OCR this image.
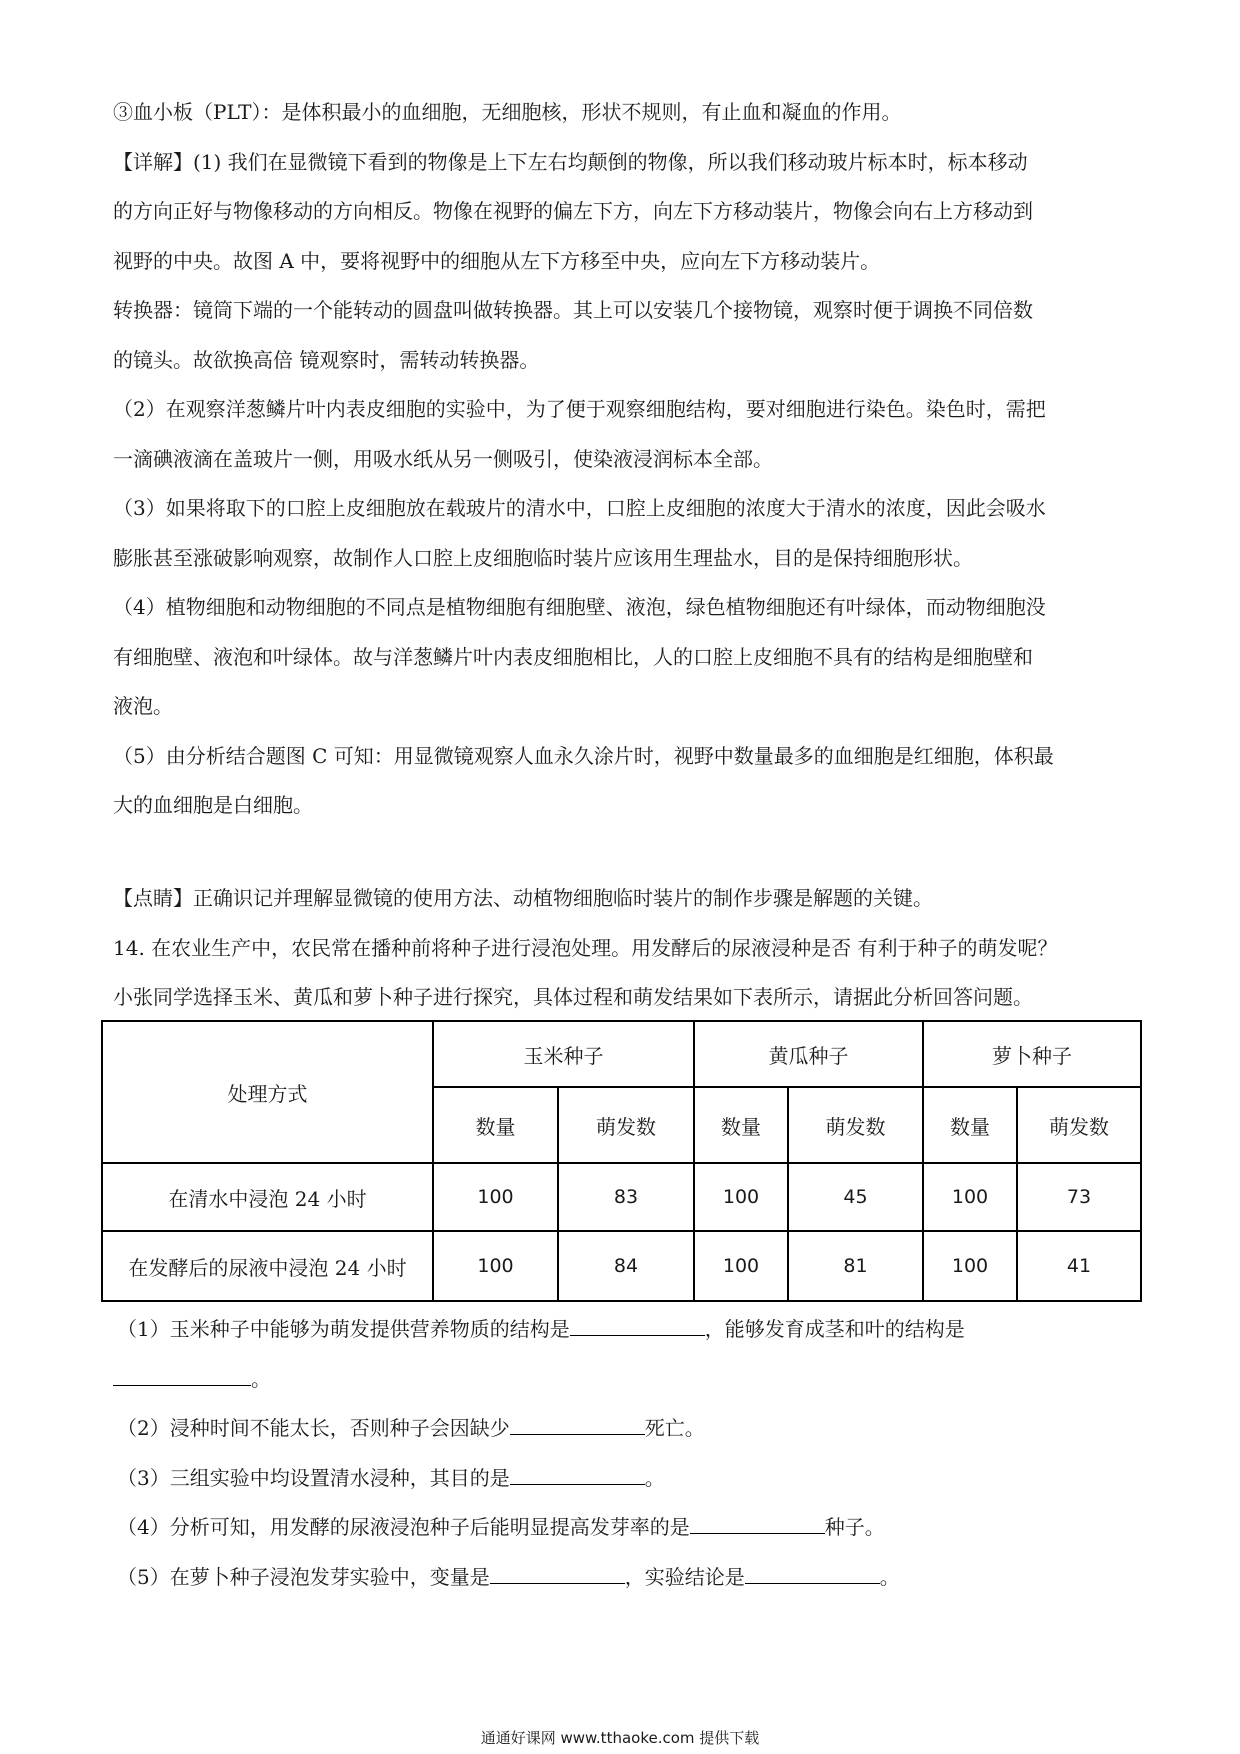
③血小板（PLT）：是体积最小的血细胞，无细胞核，形状不规则，有止血和凝血的作用。
【详解】(1) 我们在显微镜下看到的物像是上下左右均颠倒的物像，所以我们移动玻片标本时，标本移动
的方向正好与物像移动的方向相反。物像在视野的偏左下方，向左下方移动装片，物像会向右上方移动到
视野的中央。故图 A 中，要将视野中的细胞从左下方移至中央，应向左下方移动装片。
转换器：镜筒下端的一个能转动的圆盘叫做转换器。其上可以安装几个接物镜，观察时便于调换不同倍数
的镜头。故欲换高倍 镜观察时，需转动转换器。
（2）在观察洋葱鳞片叶内表皮细胞的实验中，为了便于观察细胞结构，要对细胞进行染色。染色时，需把
一滴碘液滴在盖玻片一侧，用吸水纸从另一侧吸引，使染液浸润标本全部。
（3）如果将取下的口腔上皮细胞放在载玻片的清水中，口腔上皮细胞的浓度大于清水的浓度，因此会吸水
膨胀甚至涨破影响观察，故制作人口腔上皮细胞临时装片应该用生理盐水，目的是保持细胞形状。
（4）植物细胞和动物细胞的不同点是植物细胞有细胞壁、液泡，绿色植物细胞还有叶绿体，而动物细胞没
有细胞壁、液泡和叶绿体。故与洋葱鳞片叶内表皮细胞相比，人的口腔上皮细胞不具有的结构是细胞壁和
液泡。
（5）由分析结合题图 C 可知：用显微镜观察人血永久涂片时，视野中数量最多的血细胞是红细胞，体积最
大的血细胞是白细胞。
【点睛】正确识记并理解显微镜的使用方法、动植物细胞临时装片的制作步骤是解题的关键。
14. 在农业生产中，农民常在播种前将种子进行浸泡处理。用发酵后的尿液浸种是否 有利于种子的萌发呢？
小张同学选择玉米、黄瓜和萝卜种子进行探究，具体过程和萌发结果如下表所示，请据此分析回答问题。
处理方式	玉米种子		黄瓜种子		萝卜种子	
	数量	萌发数	数量	萌发数	数量	萌发数
在清水中浸泡 24 小时	100	83	100	45	100	73
在发酵后的尿液中浸泡 24 小时	100	84	100	81	100	41
（1）玉米种子中能够为萌发提供营养物质的结构是	，能够发育成茎和叶的结构是
。
（2）浸种时间不能太长，否则种子会因缺少	死亡。
（3）三组实验中均设置清水浸种，其目的是	。
（4）分析可知，用发酵的尿液浸泡种子后能明显提高发芽率的是	种子。
（5）在萝卜种子浸泡发芽实验中，变量是	，实验结论是	。
通通好课网 www.tthaoke.com 提供下载
